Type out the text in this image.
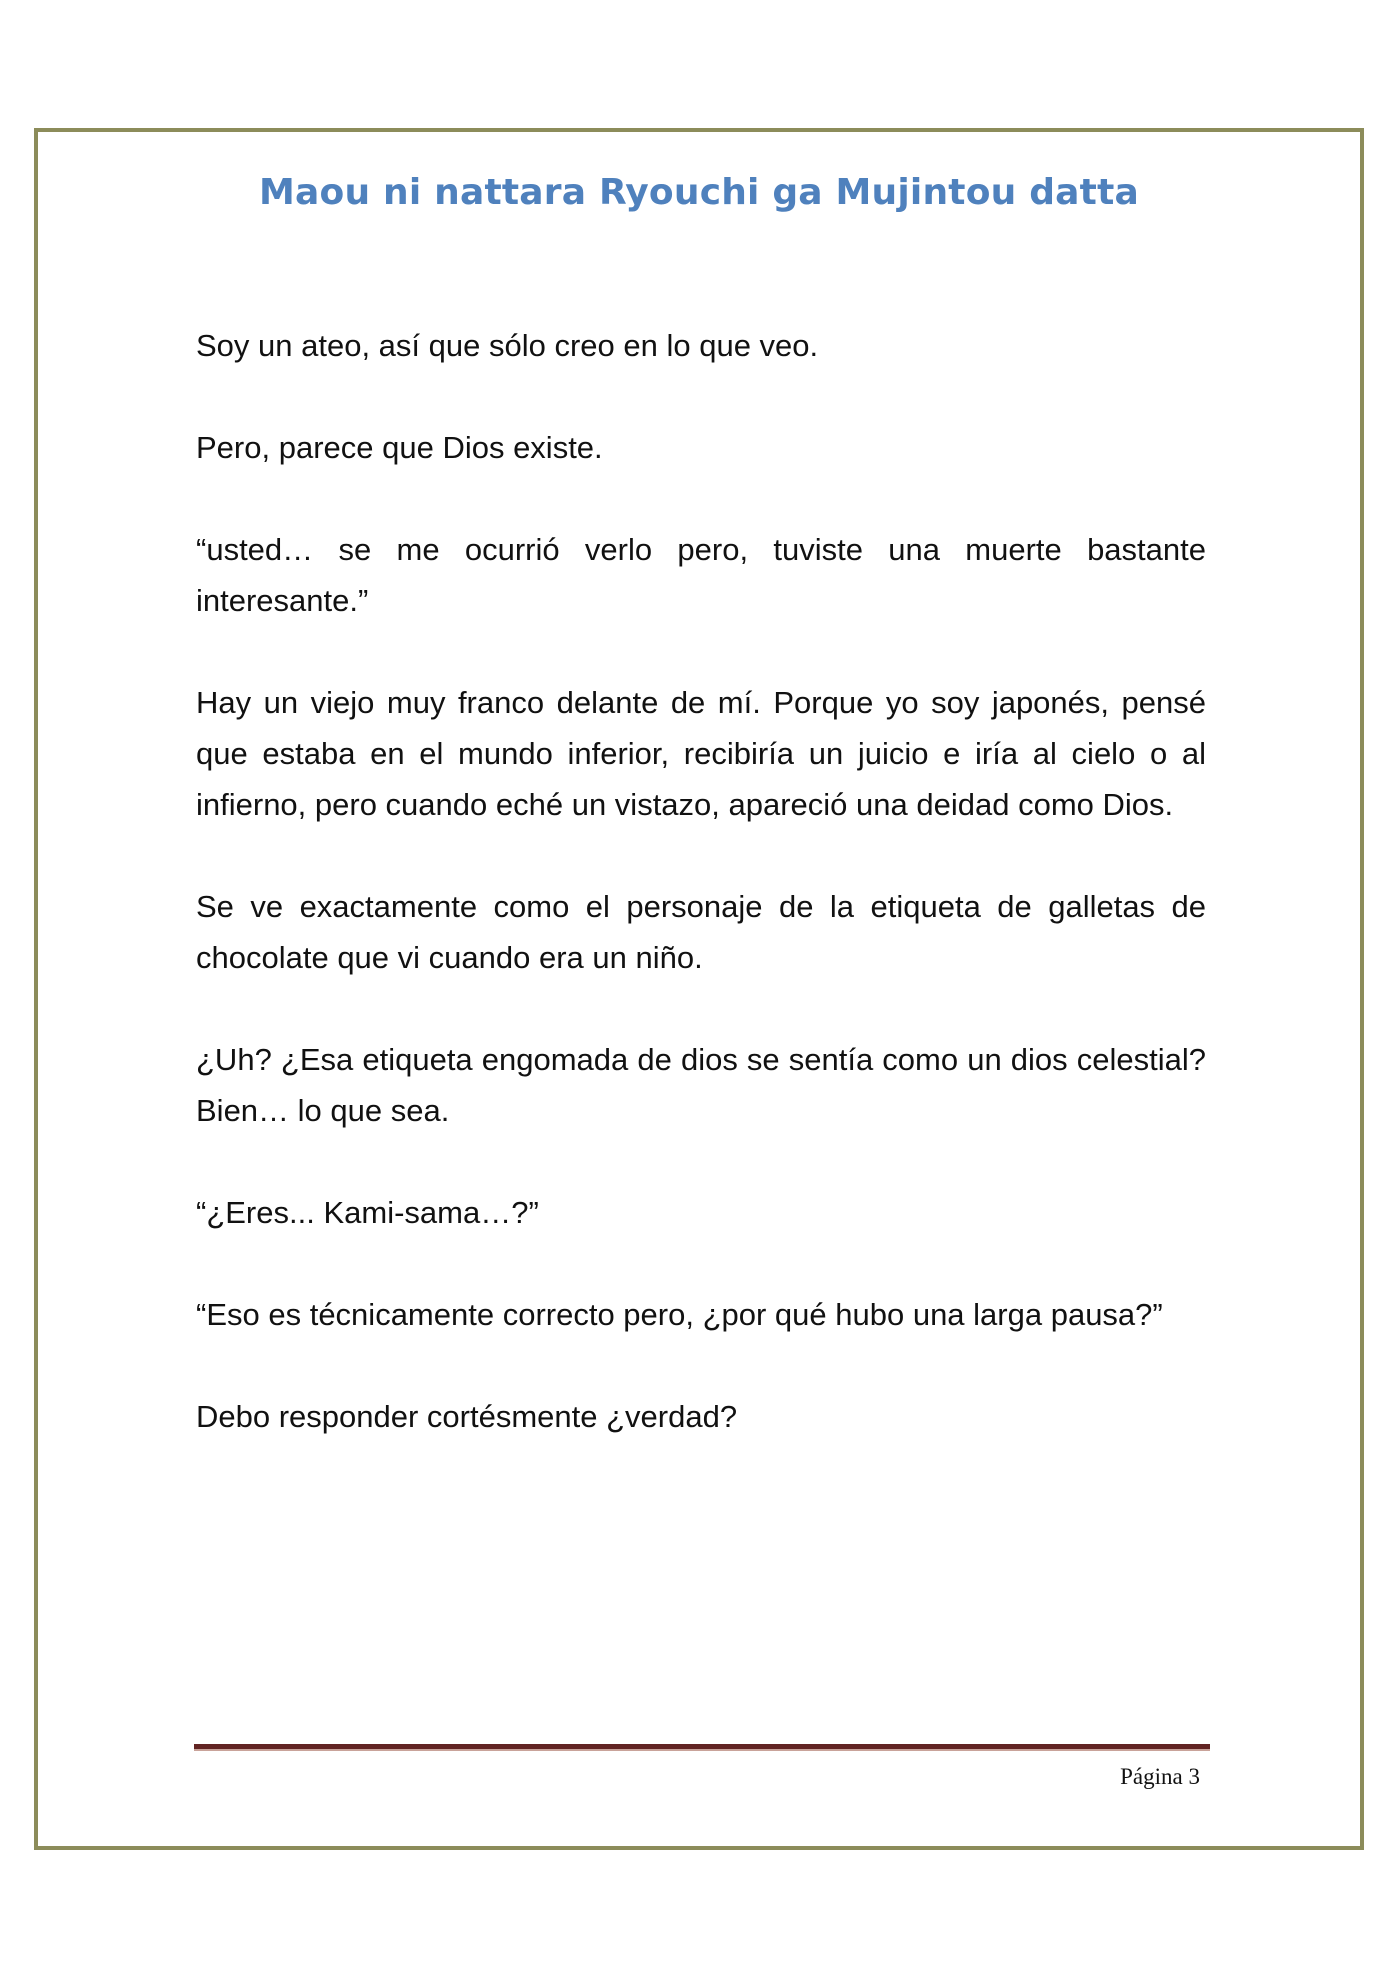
Maou ni nattara Ryouchi ga Mujintou datta

Soy un ateo, así que sólo creo en lo que veo.

Pero, parece que Dios existe.

“usted… se me ocurrió verlo pero, tuviste una muerte bastante interesante.”

Hay un viejo muy franco delante de mí. Porque yo soy japonés, pensé que estaba en el mundo inferior, recibiría un juicio e iría al cielo o al infierno, pero cuando eché un vistazo, apareció una deidad como Dios.

Se ve exactamente como el personaje de la etiqueta de galletas de chocolate que vi cuando era un niño.

¿Uh? ¿Esa etiqueta engomada de dios se sentía como un dios celestial? Bien… lo que sea.

“¿Eres... Kami-sama…?”

“Eso es técnicamente correcto pero, ¿por qué hubo una larga pausa?”

Debo responder cortésmente ¿verdad?

Página 3
